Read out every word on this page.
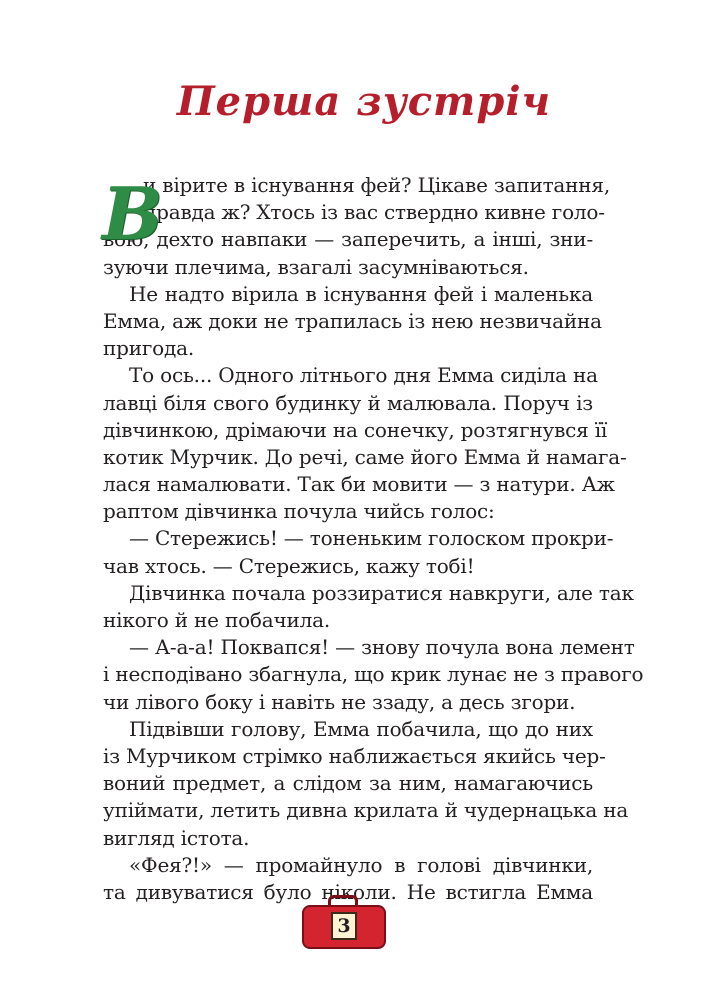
Перша зустріч
В
и вірите в існування фей? Цікаве запитання,
правда ж? Хтось із вас ствердно кивне голо-
вою, дехто навпаки — заперечить, а інші, зни-
зуючи плечима, взагалі засумніваються.
Не надто вірила в існування фей і маленька
Емма, аж доки не трапилась із нею незвичайна
пригода.
То ось... Одного літнього дня Емма сиділа на
лавці біля свого будинку й малювала. Поруч із
дівчинкою, дрімаючи на сонечку, розтягнувся її
котик Мурчик. До речі, саме його Емма й намага-
лася намалювати. Так би мовити — з натури. Аж
раптом дівчинка почула чийсь голос:
— Стережись! — тоненьким голоском прокри-
чав хтось. — Стережись, кажу тобі!
Дівчинка почала роззиратися навкруги, але так
нікого й не побачила.
— А-а-а! Поквапся! — знову почула вона лемент
і несподівано збагнула, що крик лунає не з правого
чи лівого боку і навіть не ззаду, а десь згори.
Підвівши голову, Емма побачила, що до них
із Мурчиком стрімко наближається якийсь чер-
воний предмет, а слідом за ним, намагаючись
упіймати, летить дивна крилата й чудернацька на
вигляд істота.
«Фея?!» — промайнуло в голові дівчинки,
та дивуватися було ніколи. Не встигла Емма
3
